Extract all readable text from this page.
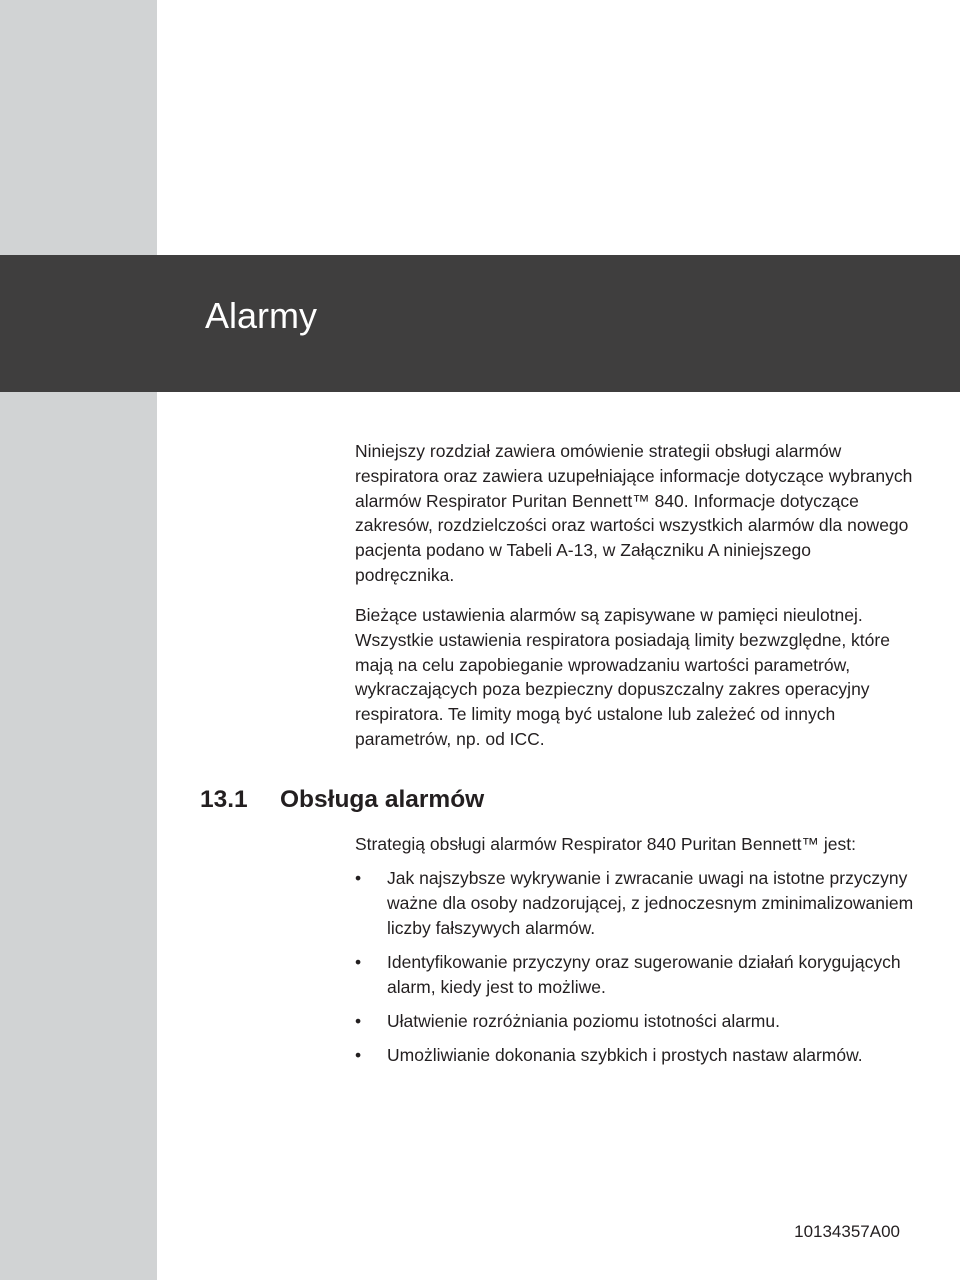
Alarmy

Niniejszy rozdział zawiera omówienie strategii obsługi alarmów respiratora oraz zawiera uzupełniające informacje dotyczące wybranych alarmów Respirator Puritan Bennett™ 840. Informacje dotyczące zakresów, rozdzielczości oraz wartości wszystkich alarmów dla nowego pacjenta podano w Tabeli A-13, w Załączniku A niniejszego podręcznika.

Bieżące ustawienia alarmów są zapisywane w pamięci nieulotnej. Wszystkie ustawienia respiratora posiadają limity bezwzględne, które mają na celu zapobieganie wprowadzaniu wartości parametrów, wykraczających poza bezpieczny dopuszczalny zakres operacyjny respiratora. Te limity mogą być ustalone lub zależeć od innych parametrów, np. od ICC.

13.1 Obsługa alarmów

Strategią obsługi alarmów Respirator 840 Puritan Bennett™ jest:

• Jak najszybsze wykrywanie i zwracanie uwagi na istotne przyczyny ważne dla osoby nadzorującej, z jednoczesnym zminimalizowaniem liczby fałszywych alarmów.
• Identyfikowanie przyczyny oraz sugerowanie działań korygujących alarm, kiedy jest to możliwe.
• Ułatwienie rozróżniania poziomu istotności alarmu.
• Umożliwianie dokonania szybkich i prostych nastaw alarmów.

10134357A00
